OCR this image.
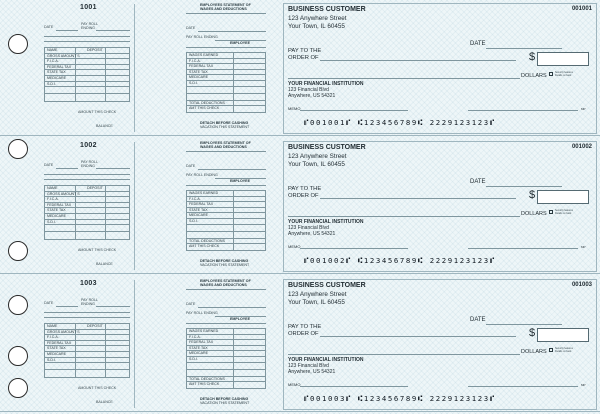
1001
DATE
PAY ROLL
ENDING
NAME	DEPOSIT
GROSS AMOUNT S
F.I.C.A.
FEDERAL TAX
STATE TAX
MEDICARE
S.D.I.
AMOUNT THIS CHECK
BALANCE
EMPLOYEES STATEMENT OF
WAGES AND DEDUCTIONS
DATE
PAY ROLL ENDING
EMPLOYEE
WAGES EARNED
F.I.C.A.
FEDERAL TAX
STATE TAX
MEDICARE
S.D.I.
TOTAL DEDUCTIONS
AMT THIS CHECK
DETACH BEFORE CASHING
VACATION THIS STATEMENT
BUSINESS CUSTOMER
123 Anywhere Street
Your Town, IL 60455
001001
DATE
PAY TO THE
ORDER OF	$
DOLLARS
Security features
Details on back
YOUR FINANCIAL INSTITUTION
123 Financial Blvd
Anywhere, US 54321
MEMO	MP
⑈001001⑈ ⑆123456789⑆ 2229123123⑈
1002
DATE
PAY ROLL
ENDING
NAME	DEPOSIT
GROSS AMOUNT S
F.I.C.A.
FEDERAL TAX
STATE TAX
MEDICARE
S.D.I.
AMOUNT THIS CHECK
BALANCE
EMPLOYEES STATEMENT OF
WAGES AND DEDUCTIONS
DATE
PAY ROLL ENDING
EMPLOYEE
WAGES EARNED
F.I.C.A.
FEDERAL TAX
STATE TAX
MEDICARE
S.D.I.
TOTAL DEDUCTIONS
AMT THIS CHECK
DETACH BEFORE CASHING
VACATION THIS STATEMENT
BUSINESS CUSTOMER
123 Anywhere Street
Your Town, IL 60455
001002
DATE
PAY TO THE
ORDER OF	$
DOLLARS
Security features
Details on back
YOUR FINANCIAL INSTITUTION
123 Financial Blvd
Anywhere, US 54321
MEMO	MP
⑈001002⑈ ⑆123456789⑆ 2229123123⑈
1003
DATE
PAY ROLL
ENDING
NAME	DEPOSIT
GROSS AMOUNT S
F.I.C.A.
FEDERAL TAX
STATE TAX
MEDICARE
S.D.I.
AMOUNT THIS CHECK
BALANCE
EMPLOYEES STATEMENT OF
WAGES AND DEDUCTIONS
DATE
PAY ROLL ENDING
EMPLOYEE
WAGES EARNED
F.I.C.A.
FEDERAL TAX
STATE TAX
MEDICARE
S.D.I.
TOTAL DEDUCTIONS
AMT THIS CHECK
DETACH BEFORE CASHING
VACATION THIS STATEMENT
BUSINESS CUSTOMER
123 Anywhere Street
Your Town, IL 60455
001003
DATE
PAY TO THE
ORDER OF	$
DOLLARS
Security features
Details on back
YOUR FINANCIAL INSTITUTION
123 Financial Blvd
Anywhere, US 54321
MEMO	MP
⑈001003⑈ ⑆123456789⑆ 2229123123⑈
